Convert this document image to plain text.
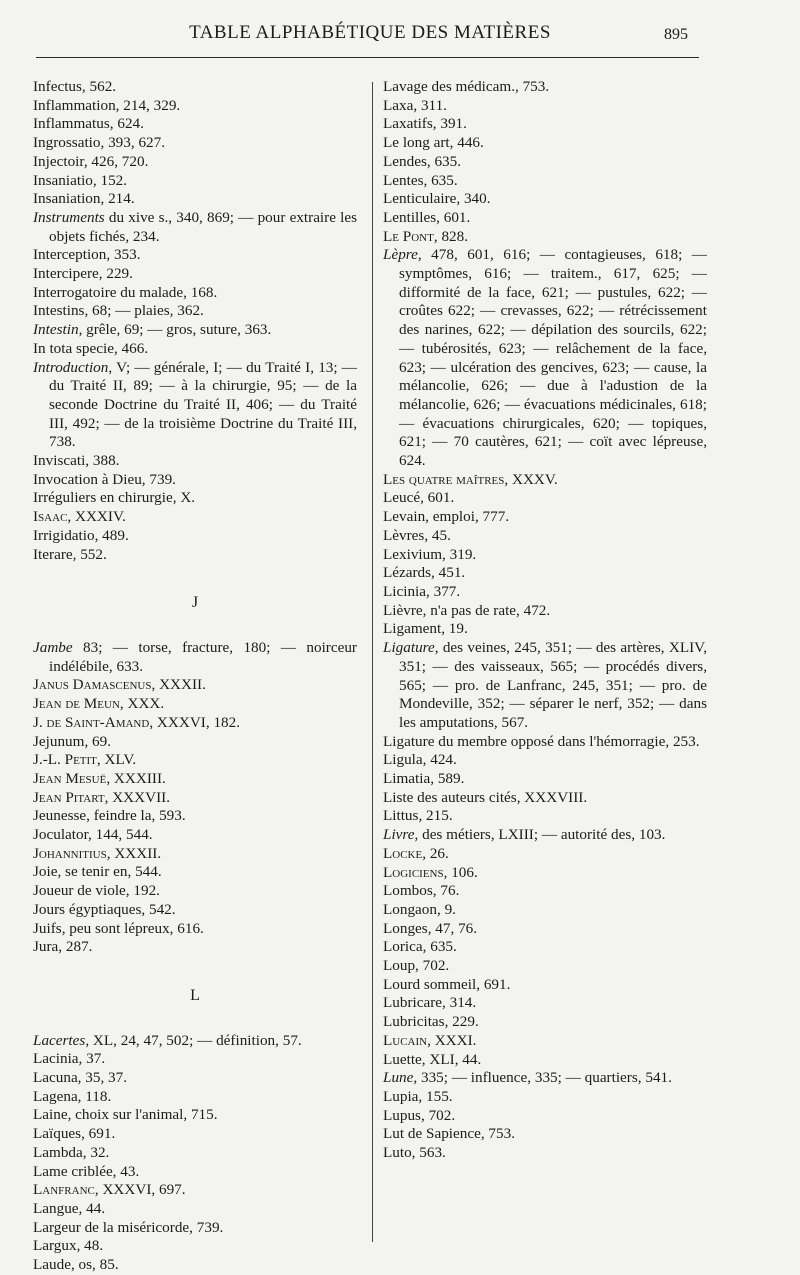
TABLE ALPHABÉTIQUE DES MATIÈRES	895
Infectus, 562.
Inflammation, 214, 329.
Inflammatus, 624.
Ingrossatio, 393, 627.
Injectoir, 426, 720.
Insaniatio, 152.
Insaniation, 214.
Instruments du xive s., 340, 869; — pour extraire les objets fichés, 234.
Interception, 353.
Intercipere, 229.
Interrogatoire du malade, 168.
Intestins, 68; — plaies, 362.
Intestin, grêle, 69; — gros, suture, 363.
In tota specie, 466.
Introduction, V; — générale, I; — du Traité I, 13; — du Traité II, 89; — à la chirurgie, 95; — de la seconde Doctrine du Traité II, 406; — du Traité III, 492; — de la troisième Doctrine du Traité III, 738.
Inviscati, 388.
Invocation à Dieu, 739.
Irréguliers en chirurgie, X.
Isaac, XXXIV.
Irrigidatio, 489.
Iterare, 552.
J
Jambe 83; — torse, fracture, 180; — noirceur indélébile, 633.
Janus Damascenus, XXXII.
Jean de Meun, XXX.
J. de Saint-Amand, XXXVI, 182.
Jejunum, 69.
J.-L. Petit, XLV.
Jean Mesuë, XXXIII.
Jean Pitart, XXXVII.
Jeunesse, feindre la, 593.
Joculator, 144, 544.
Johannitius, XXXII.
Joie, se tenir en, 544.
Joueur de viole, 192.
Jours égyptiaques, 542.
Juifs, peu sont lépreux, 616.
Jura, 287.
L
Lacertes, XL, 24, 47, 502; — définition, 57.
Lacinia, 37.
Lacuna, 35, 37.
Lagena, 118.
Laine, choix sur l'animal, 715.
Laïques, 691.
Lambda, 32.
Lame criblée, 43.
Lanfranc, XXXVI, 697.
Langue, 44.
Largeur de la miséricorde, 739.
Largux, 48.
Laude, os, 85.
Lavage des médicam., 753.
Laxa, 311.
Laxatifs, 391.
Le long art, 446.
Lendes, 635.
Lentes, 635.
Lenticulaire, 340.
Lentilles, 601.
Le Pont, 828.
Lèpre, 478, 601, 616; — contagieuses, 618; — symptômes, 616; — traitem., 617, 625; — difformité de la face, 621; — pustules, 622; — croûtes 622; — crevasses, 622; — rétrécissement des narines, 622; — dépilation des sourcils, 622; — tubérosités, 623; — relâchement de la face, 623; — ulcération des gencives, 623; — cause, la mélancolie, 626; — due à l'adustion de la mélancolie, 626; — évacuations médicinales, 618; — évacuations chirurgicales, 620; — topiques, 621; — 70 cautères, 621; — coït avec lépreuse, 624.
Les quatre maîtres, XXXV.
Leucé, 601.
Levain, emploi, 777.
Lèvres, 45.
Lexivium, 319.
Lézards, 451.
Licinia, 377.
Lièvre, n'a pas de rate, 472.
Ligament, 19.
Ligature, des veines, 245, 351; — des artères, XLIV, 351; — des vaisseaux, 565; — procédés divers, 565; — pro. de Lanfranc, 245, 351; — pro. de Mondeville, 352; — séparer le nerf, 352; — dans les amputations, 567.
Ligature du membre opposé dans l'hémorragie, 253.
Ligula, 424.
Limatia, 589.
Liste des auteurs cités, XXXVIII.
Littus, 215.
Livre, des métiers, LXIII; — autorité des, 103.
Locke, 26.
Logiciens, 106.
Lombos, 76.
Longaon, 9.
Longes, 47, 76.
Lorica, 635.
Loup, 702.
Lourd sommeil, 691.
Lubricare, 314.
Lubricitas, 229.
Lucain, XXXI.
Luette, XLI, 44.
Lune, 335; — influence, 335; — quartiers, 541.
Lupia, 155.
Lupus, 702.
Lut de Sapience, 753.
Luto, 563.
